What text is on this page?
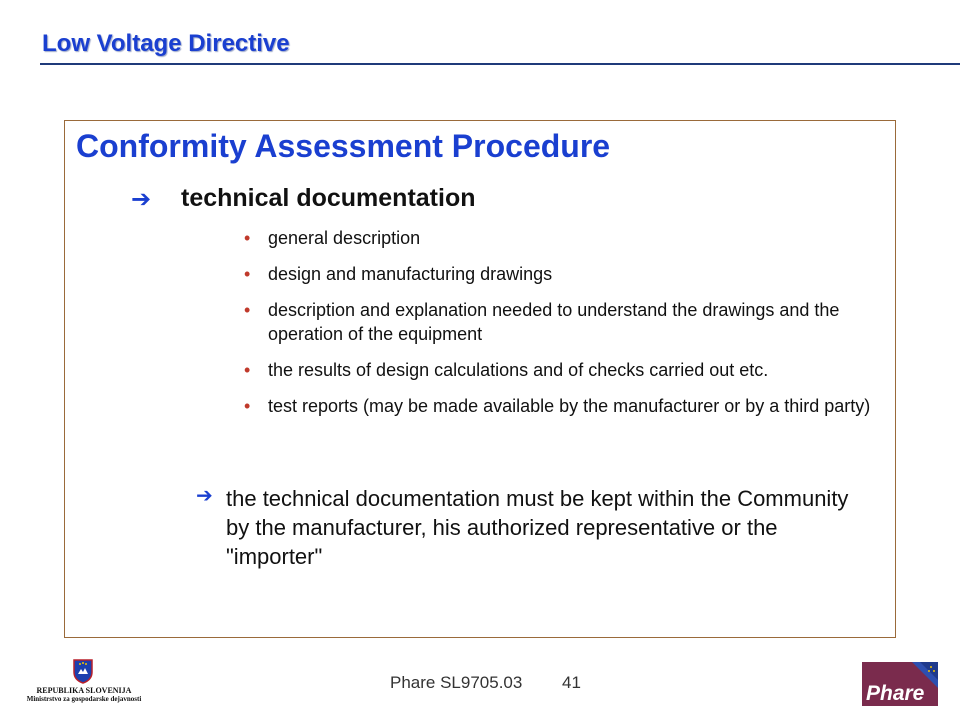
Low Voltage Directive
Conformity Assessment Procedure
➔ technical documentation
• general description
• design and manufacturing drawings
• description and explanation needed to understand the drawings and the operation of the equipment
• the results of design calculations and of checks carried out etc.
• test reports (may be made available by the manufacturer or by a third party)
➔ the technical documentation must be kept within the Community by the manufacturer, his authorized representative or the "importer"
REPUBLIKA SLOVENIJA
Ministrstvo za gospodarske dejavnosti
Phare SL9705.03 41	Phare
